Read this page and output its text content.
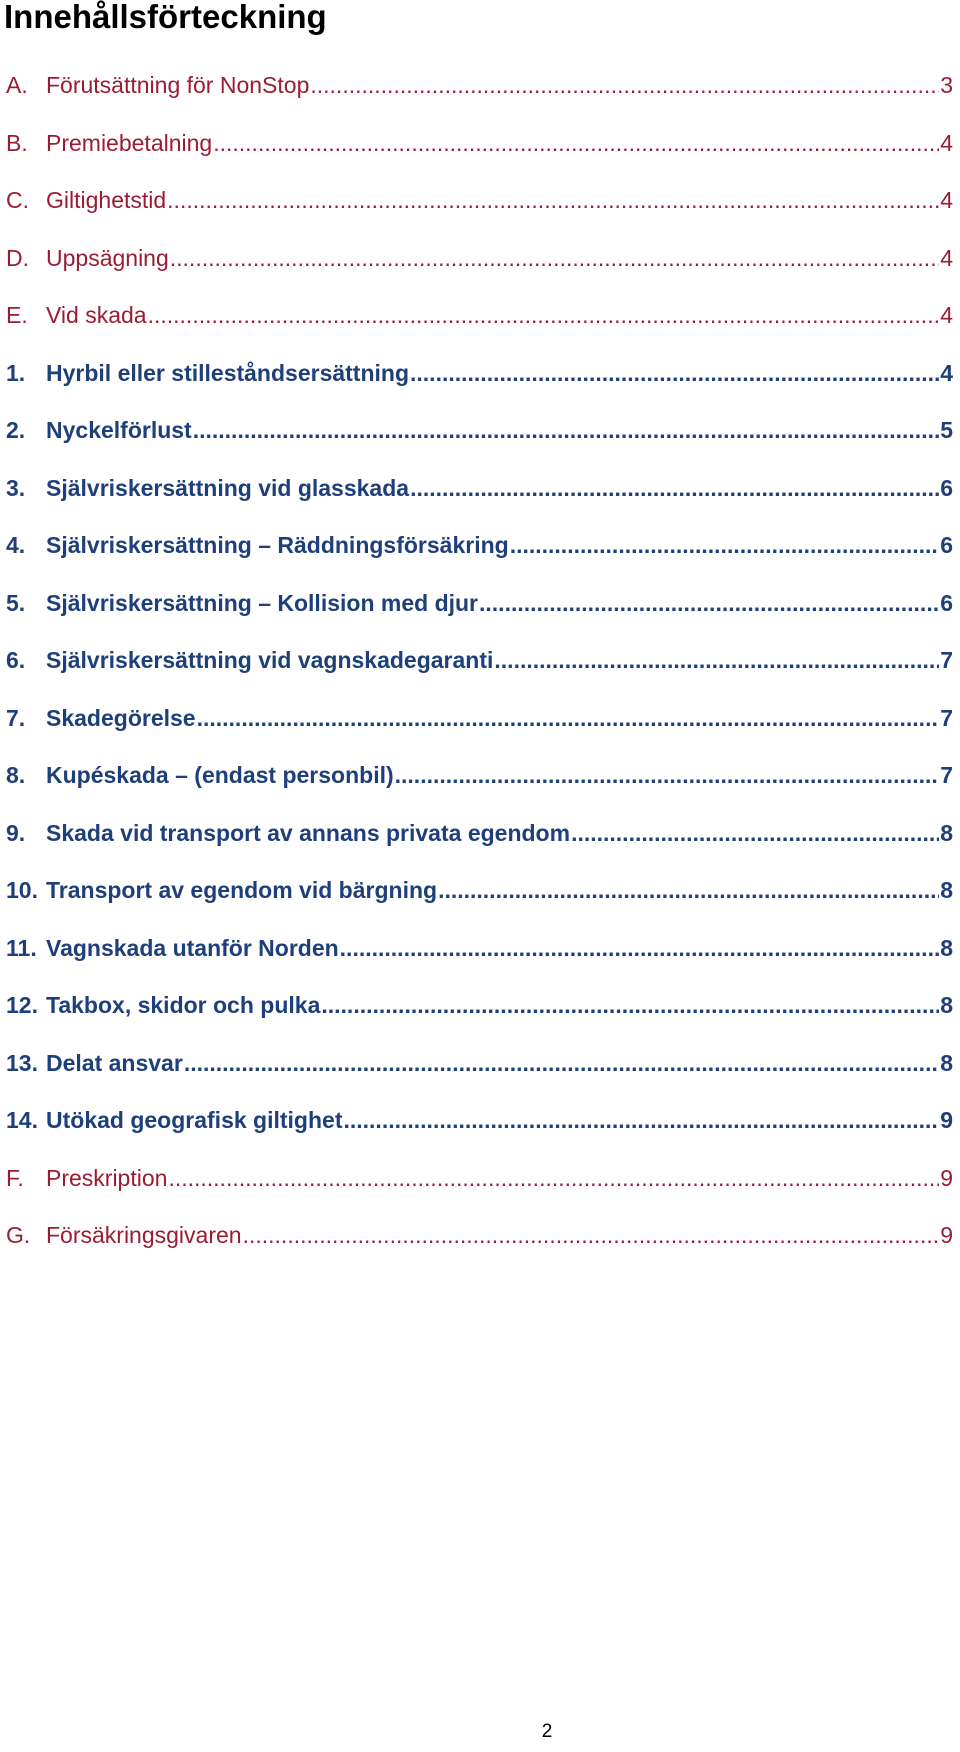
Innehållsförteckning
A. Förutsättning för NonStop .....	3
B. Premiebetalning .....	4
C. Giltighetstid .....	4
D. Uppsägning .....	4
E. Vid skada .....	4
1. Hyrbil eller stilleståndsersättning .....	4
2. Nyckelförlust .....	5
3. Självriskersättning vid glasskada .....	6
4. Självriskersättning – Räddningsförsäkring .....	6
5. Självriskersättning – Kollision med djur .....	6
6. Självriskersättning vid vagnskadegaranti .....	7
7. Skadegörelse .....	7
8. Kupéskada – (endast personbil) .....	7
9. Skada vid transport av annans privata egendom .....	8
10. Transport av egendom vid bärgning .....	8
11. Vagnskada utanför Norden .....	8
12. Takbox, skidor och pulka .....	8
13. Delat ansvar .....	8
14. Utökad geografisk giltighet .....	9
F. Preskription .....	9
G. Försäkringsgivaren .....	9
2
